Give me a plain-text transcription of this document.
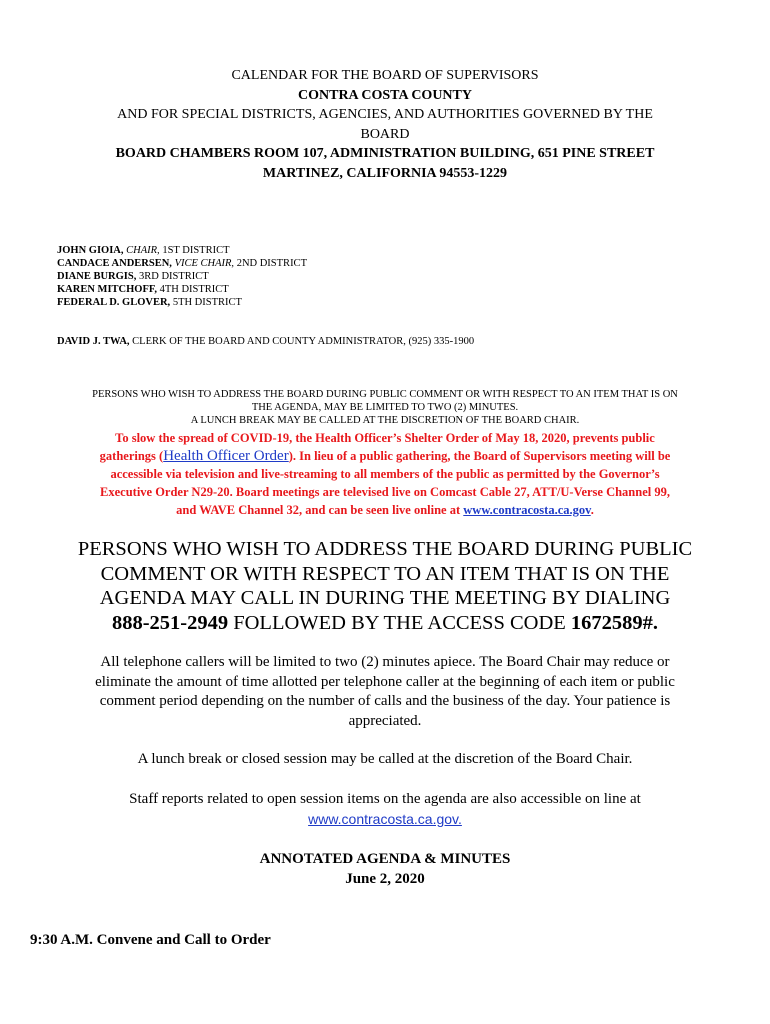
CALENDAR FOR THE BOARD OF SUPERVISORS
CONTRA COSTA COUNTY
AND FOR SPECIAL DISTRICTS, AGENCIES, AND AUTHORITIES GOVERNED BY THE
BOARD
BOARD CHAMBERS ROOM 107, ADMINISTRATION BUILDING, 651 PINE STREET
MARTINEZ, CALIFORNIA 94553-1229
JOHN GIOIA, CHAIR, 1ST DISTRICT
CANDACE ANDERSEN, VICE CHAIR, 2ND DISTRICT
DIANE BURGIS, 3RD DISTRICT
KAREN MITCHOFF, 4TH DISTRICT
FEDERAL D. GLOVER, 5TH DISTRICT
DAVID J. TWA, CLERK OF THE BOARD AND COUNTY ADMINISTRATOR, (925) 335-1900
PERSONS WHO WISH TO ADDRESS THE BOARD DURING PUBLIC COMMENT OR WITH RESPECT TO AN ITEM THAT IS ON
THE AGENDA, MAY BE LIMITED TO TWO (2) MINUTES.
A LUNCH BREAK MAY BE CALLED AT THE DISCRETION OF THE BOARD CHAIR.
To slow the spread of COVID-19, the Health Officer’s Shelter Order of May 18, 2020, prevents public
gatherings (Health Officer Order). In lieu of a public gathering, the Board of Supervisors meeting will be
accessible via television and live-streaming to all members of the public as permitted by the Governor’s
Executive Order N29-20. Board meetings are televised live on Comcast Cable 27, ATT/U-Verse Channel 99,
and WAVE Channel 32, and can be seen live online at www.contracosta.ca.gov.
PERSONS WHO WISH TO ADDRESS THE BOARD DURING PUBLIC
COMMENT OR WITH RESPECT TO AN ITEM THAT IS ON THE
AGENDA MAY CALL IN DURING THE MEETING BY DIALING
888-251-2949 FOLLOWED BY THE ACCESS CODE 1672589#.
All telephone callers will be limited to two (2) minutes apiece. The Board Chair may reduce or
eliminate the amount of time allotted per telephone caller at the beginning of each item or public
comment period depending on the number of calls and the business of the day. Your patience is
appreciated.
A lunch break or closed session may be called at the discretion of the Board Chair.
Staff reports related to open session items on the agenda are also accessible on line at
www.contracosta.ca.gov.
ANNOTATED AGENDA & MINUTES
June 2, 2020
9:30 A.M. Convene and Call to Order
